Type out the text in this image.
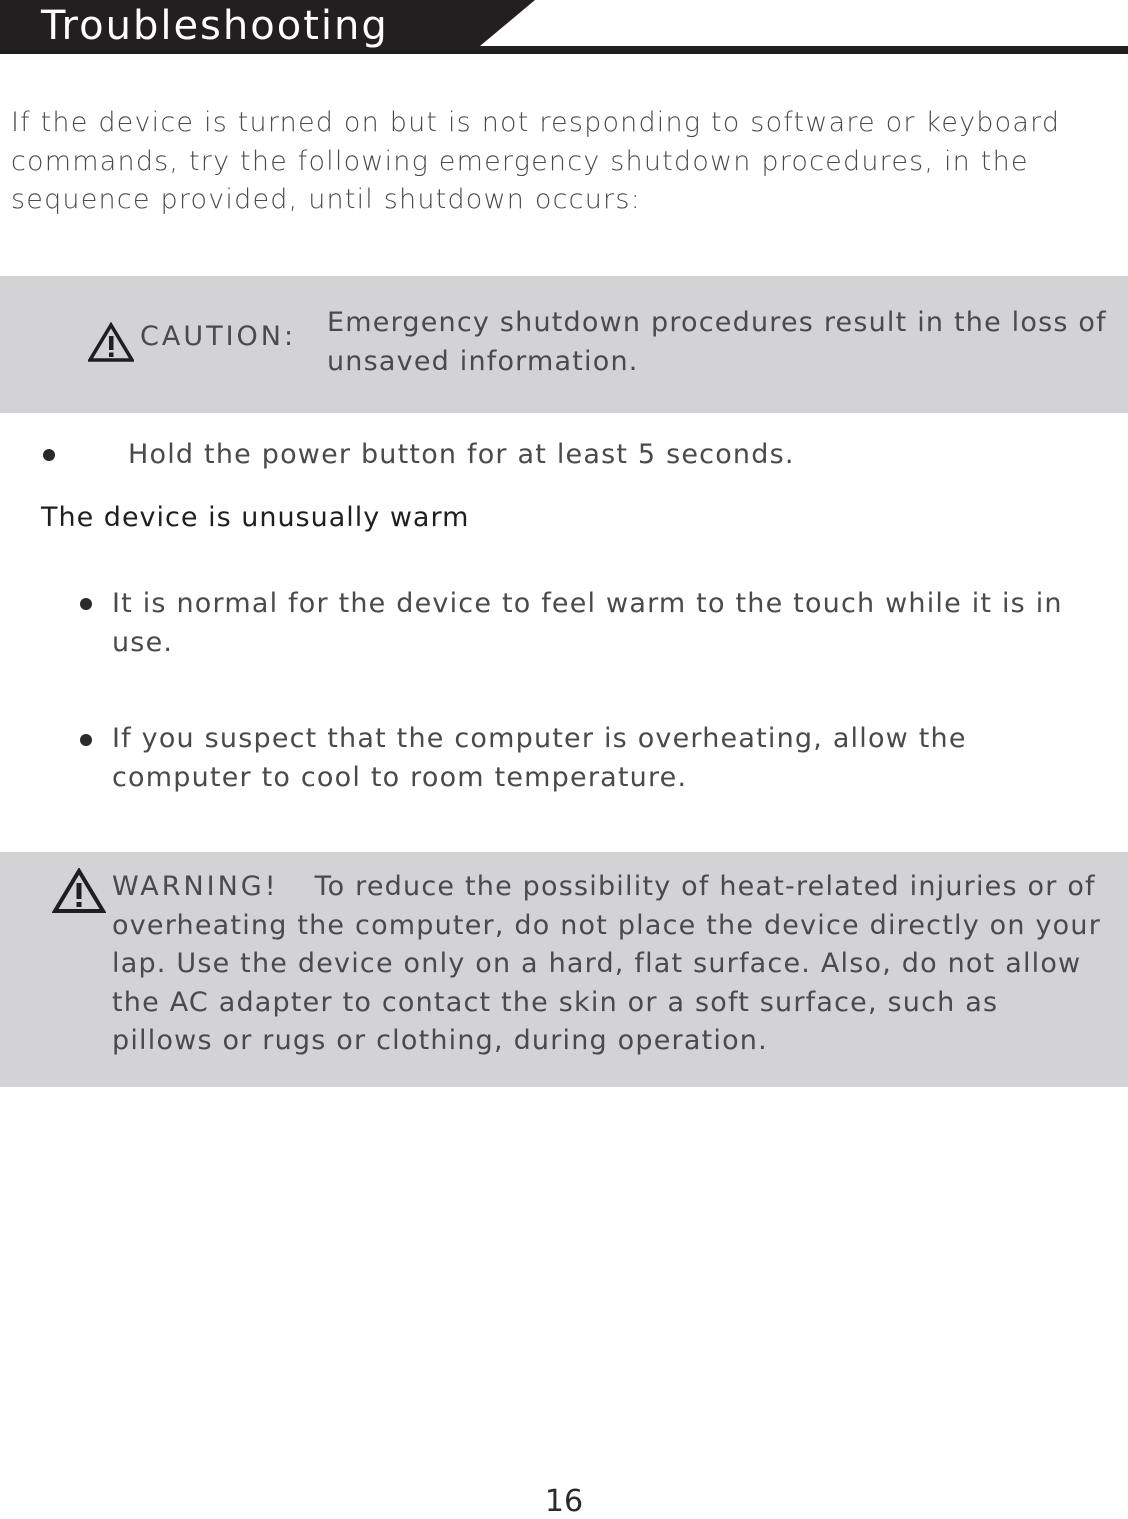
Troubleshooting
If the device is turned on but is not responding to software or keyboard commands, try the following emergency shutdown procedures, in the sequence provided, until shutdown occurs:
CAUTION: Emergency shutdown procedures result in the loss of unsaved information.
Hold the power button for at least 5 seconds.
The device is unusually warm
It is normal for the device to feel warm to the touch while it is in use.
If you suspect that the computer is overheating, allow the computer to cool to room temperature.
WARNING! To reduce the possibility of heat-related injuries or of overheating the computer, do not place the device directly on your lap. Use the device only on a hard, flat surface. Also, do not allow the AC adapter to contact the skin or a soft surface, such as pillows or rugs or clothing, during operation.
16
